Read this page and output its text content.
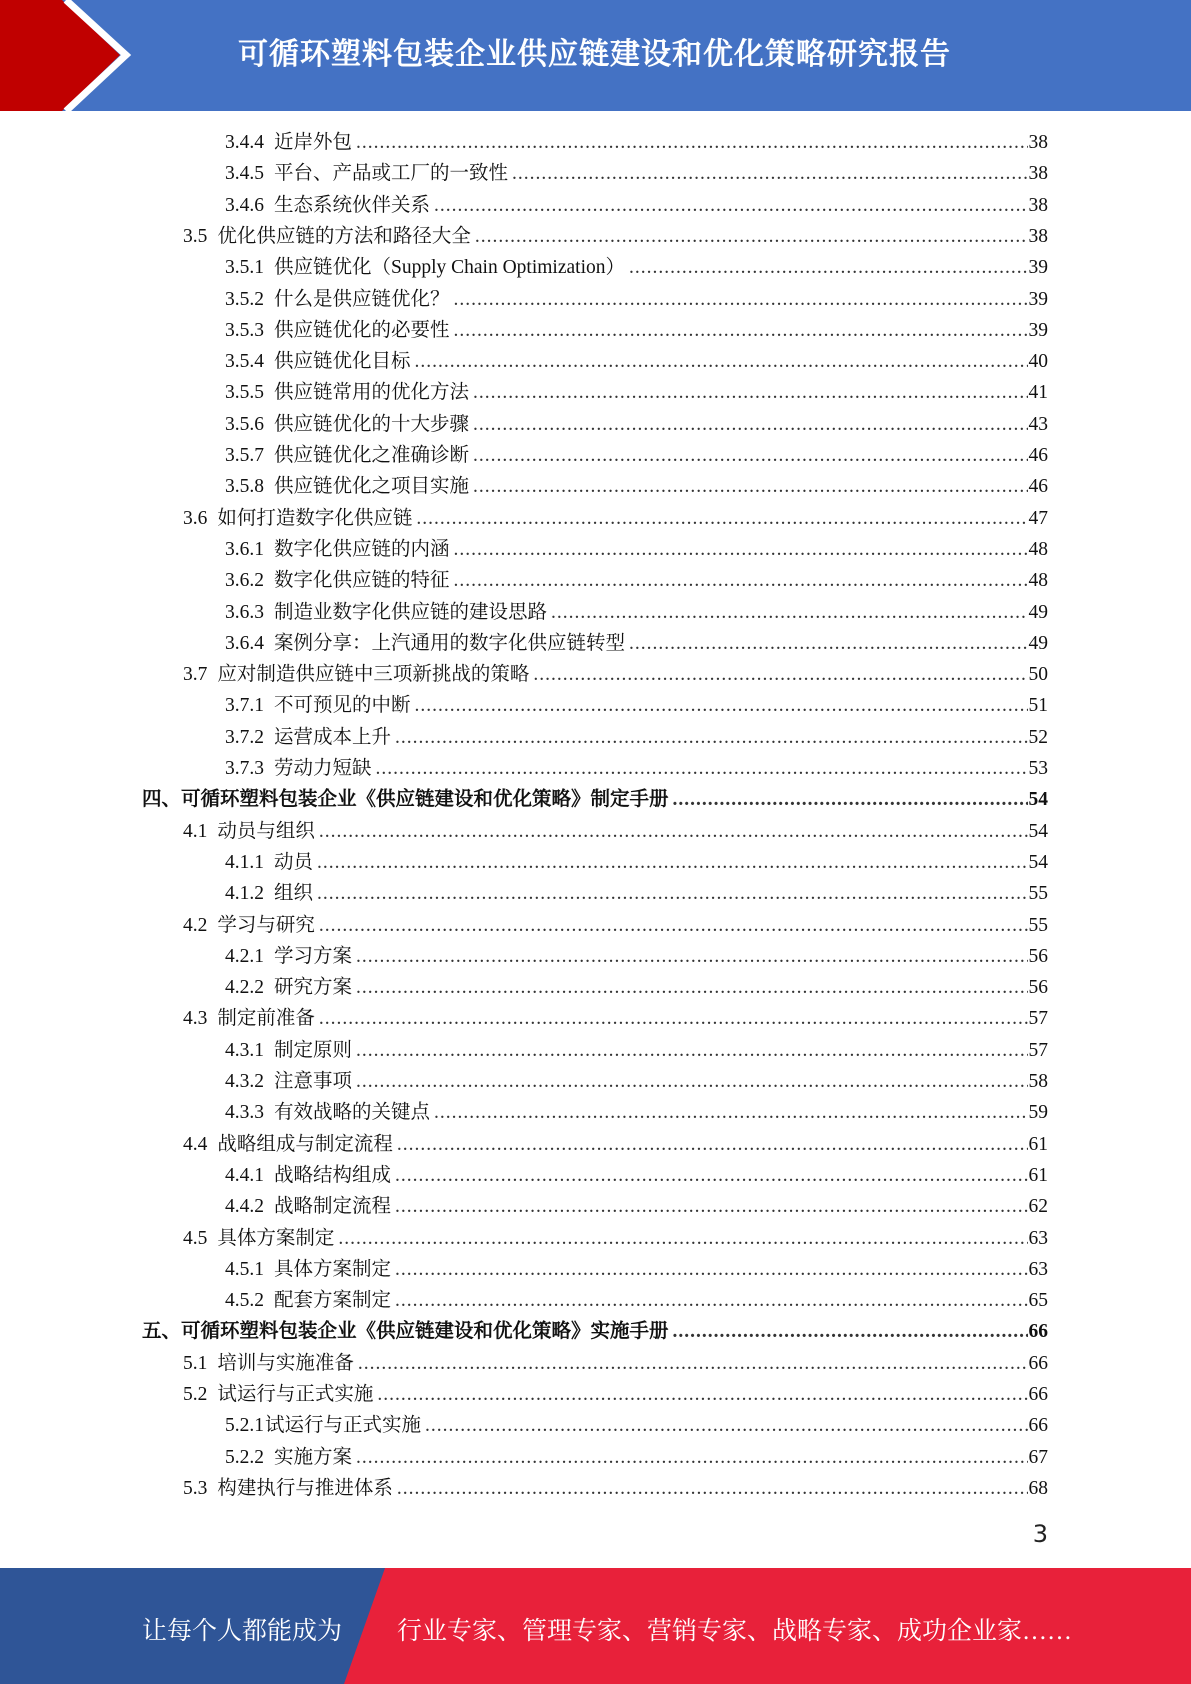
可循环塑料包装企业供应链建设和优化策略研究报告
3.4.4 近岸外包 .....	38
3.4.5 平台、产品或工厂的一致性 .....	38
3.4.6 生态系统伙伴关系 .....	38
3.5 优化供应链的方法和路径大全 .....	38
3.5.1 供应链优化（Supply Chain Optimization） .....	39
3.5.2 什么是供应链优化？ .....	39
3.5.3 供应链优化的必要性 .....	39
3.5.4 供应链优化目标 .....	40
3.5.5 供应链常用的优化方法 .....	41
3.5.6 供应链优化的十大步骤 .....	43
3.5.7 供应链优化之准确诊断 .....	46
3.5.8 供应链优化之项目实施 .....	46
3.6 如何打造数字化供应链 .....	47
3.6.1 数字化供应链的内涵 .....	48
3.6.2 数字化供应链的特征 .....	48
3.6.3 制造业数字化供应链的建设思路 .....	49
3.6.4 案例分享：上汽通用的数字化供应链转型 .....	49
3.7 应对制造供应链中三项新挑战的策略 .....	50
3.7.1 不可预见的中断 .....	51
3.7.2 运营成本上升 .....	52
3.7.3 劳动力短缺 .....	53
四、可循环塑料包装企业《供应链建设和优化策略》制定手册 .....	54
4.1 动员与组织 .....	54
4.1.1 动员 .....	54
4.1.2 组织 .....	55
4.2 学习与研究 .....	55
4.2.1 学习方案 .....	56
4.2.2 研究方案 .....	56
4.3 制定前准备 .....	57
4.3.1 制定原则 .....	57
4.3.2 注意事项 .....	58
4.3.3 有效战略的关键点 .....	59
4.4 战略组成与制定流程 .....	61
4.4.1 战略结构组成 .....	61
4.4.2 战略制定流程 .....	62
4.5 具体方案制定 .....	63
4.5.1 具体方案制定 .....	63
4.5.2 配套方案制定 .....	65
五、可循环塑料包装企业《供应链建设和优化策略》实施手册 .....	66
5.1 培训与实施准备 .....	66
5.2 试运行与正式实施 .....	66
5.2.1试运行与正式实施 .....	66
5.2.2 实施方案 .....	67
5.3 构建执行与推进体系 .....	68
3
让每个人都能成为 行业专家、管理专家、营销专家、战略专家、成功企业家……
